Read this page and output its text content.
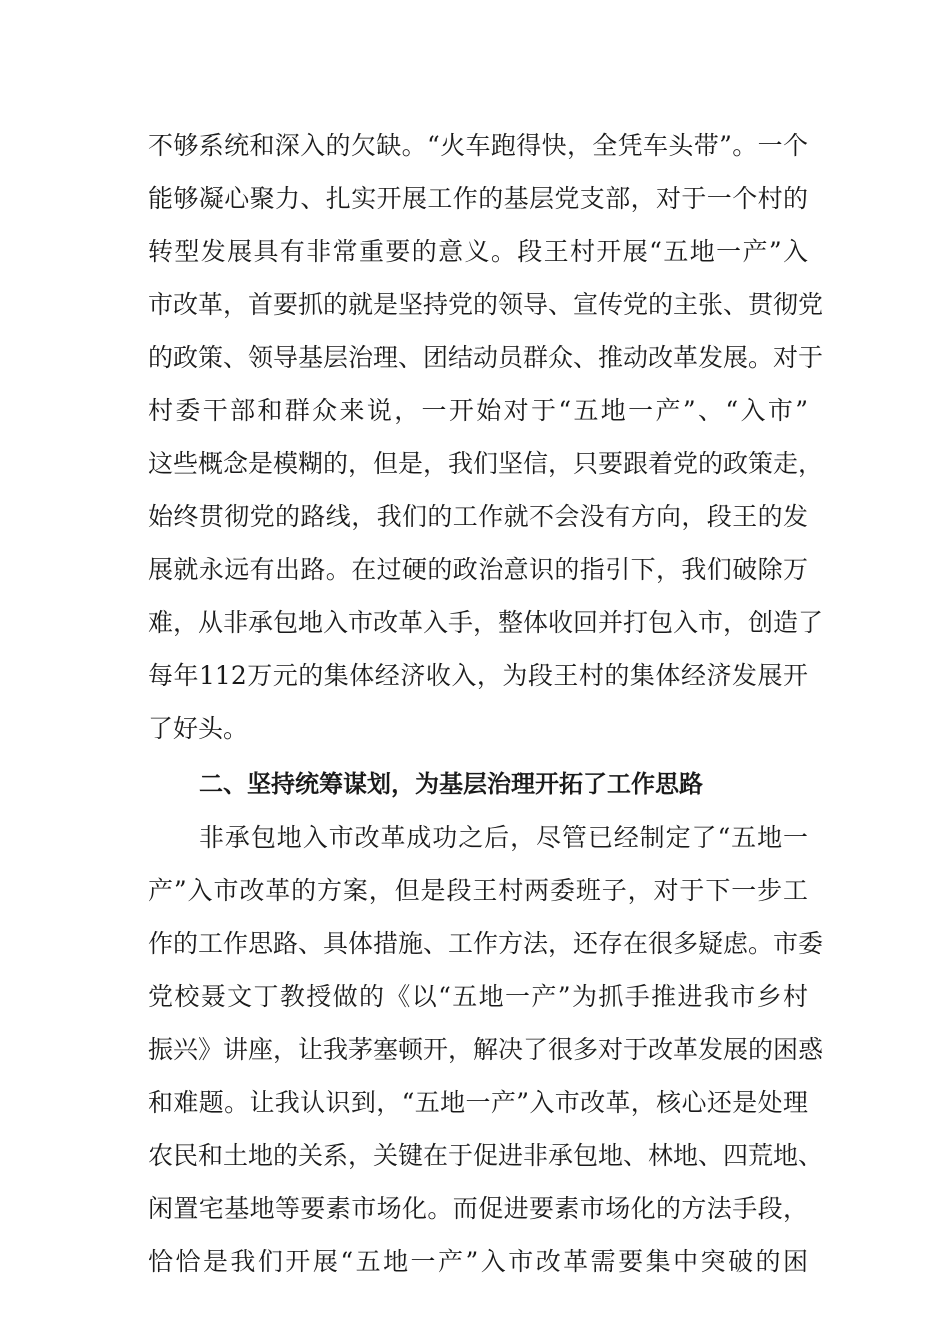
不够系统和深入的欠缺。“火车跑得快，全凭车头带”。一个
能够凝心聚力、扎实开展工作的基层党支部，对于一个村的
转型发展具有非常重要的意义。段王村开展“五地一产”入
市改革，首要抓的就是坚持党的领导、宣传党的主张、贯彻党
的政策、领导基层治理、团结动员群众、推动改革发展。对于
村委干部和群众来说，一开始对于“五地一产”、“入市”
这些概念是模糊的，但是，我们坚信，只要跟着党的政策走，
始终贯彻党的路线，我们的工作就不会没有方向，段王的发
展就永远有出路。在过硬的政治意识的指引下，我们破除万
难，从非承包地入市改革入手，整体收回并打包入市，创造了
每年112万元的集体经济收入，为段王村的集体经济发展开
了好头。
二、坚持统筹谋划，为基层治理开拓了工作思路
非承包地入市改革成功之后，尽管已经制定了“五地一
产”入市改革的方案，但是段王村两委班子，对于下一步工
作的工作思路、具体措施、工作方法，还存在很多疑虑。市委
党校聂文丁教授做的《以“五地一产”为抓手推进我市乡村
振兴》讲座，让我茅塞顿开，解决了很多对于改革发展的困惑
和难题。让我认识到，“五地一产”入市改革，核心还是处理
农民和土地的关系，关键在于促进非承包地、林地、四荒地、
闲置宅基地等要素市场化。而促进要素市场化的方法手段，
恰恰是我们开展“五地一产”入市改革需要集中突破的困
